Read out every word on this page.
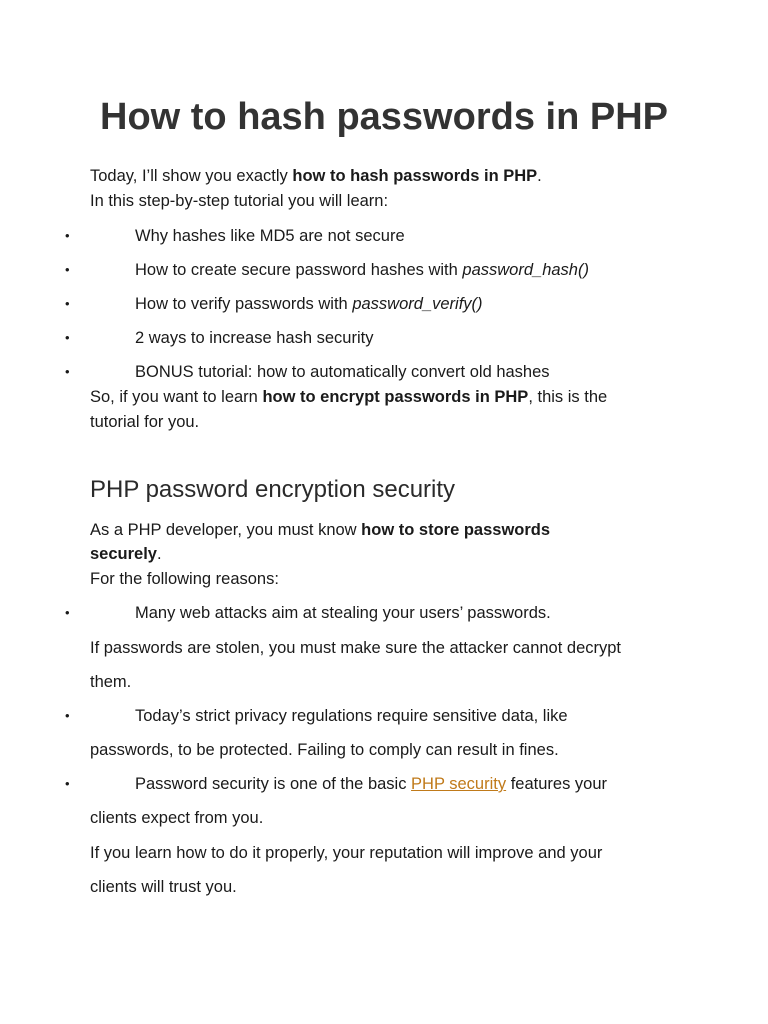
How to hash passwords in PHP

Today, I’ll show you exactly how to hash passwords in PHP.

In this step-by-step tutorial you will learn:

•	Why hashes like MD5 are not secure
•	How to create secure password hashes with password_hash()
•	How to verify passwords with password_verify()
•	2 ways to increase hash security
•	BONUS tutorial: how to automatically convert old hashes

So, if you want to learn how to encrypt passwords in PHP, this is the

tutorial for you.

PHP password encryption security

As a PHP developer, you must know how to store passwords

securely.

For the following reasons:

•	Many web attacks aim at stealing your users’ passwords.

If passwords are stolen, you must make sure the attacker cannot decrypt

them.

•	Today’s strict privacy regulations require sensitive data, like

passwords, to be protected. Failing to comply can result in fines.

•	Password security is one of the basic PHP security features your

clients expect from you.

If you learn how to do it properly, your reputation will improve and your

clients will trust you.
